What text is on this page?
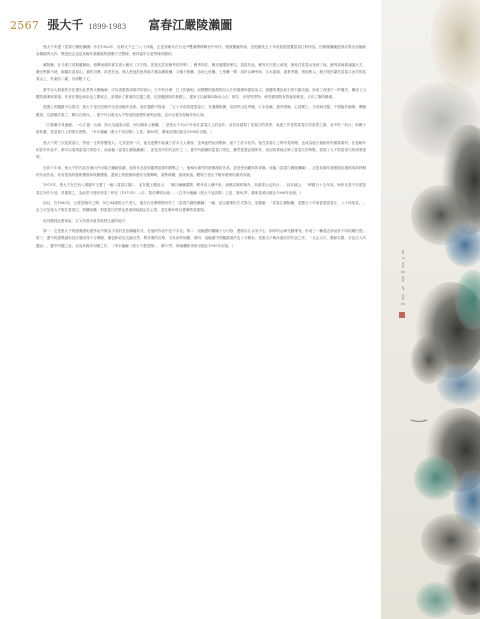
2567 張大千 1899-1983 富春江嚴陵瀨圖

張大千所畫《富春江嚴陵瀨圖》作於1982年，此時大千已三八十四歲，正是其晚年在台北外雙溪摩耶精舍中所作。根據題識所知，是他應其五十年前曾經遊覽富春江時所見。回憶嚴瀨縱遊情況寫出這幅極為精緻的大作，既是紀念也是其晚年最精湛的潑墨方式整理，使得當年江遊景像同節約。

嚴陵瀨，在今浙江省桐廬縣南，相傳東漢初著名高士嚴光（字子陵，曾是光武帝劉秀的同學）。劉秀即位，嚴光便隱姓埋名，退居於此。劉秀多次派人尋找，後來在富春山找到了他。劉秀請他做諫議大夫，嚴光堅辭不就，歸隱於富春山，耕釣自樂，終老於此。後人把他釣魚的地方稱為嚴陵瀨，又稱子陵灘，也叫七里灘。七里灘一帶，兩岸山峰夾峙，江水碧綠，風景秀麗，景致醉人。嚴子陵釣臺在富春江北岸的富春山上，有東西二臺，各高數十丈。

畫中以大寫意的手法畫出此景的大概輪廓，可以清楚看到兩岸的高山、江中的沙洲、江上的漁船。而整體的風格則以大片的潑墨和潑彩為主。潑灑的墨色和石青石綠交融，形成了深淺不一的層次，構成了山體的雄渾和厚重。作者在墨色和彩色之間留白，更增添了畫面的空靈之感。在潑墨潑彩的基礎上，畫家又以細筆勾勒出山石、樹木、房屋等景物，使得畫面既有寫意的豪放，又有工筆的精緻。

從畫上的題跋可以看出，張大千是在回憶中完成這幅作品的。他在題跋中寫道：「五十年前曾遊富春江，舟過嚴陵瀨，見兩岸山色秀麗，江水清澈，漁舟唱晚，心甚樂之。今老病目翳，不復能作細筆，偶憶舊遊，以潑墨法寫之，聊以自娛耳。」從中可以看出大千對這段遊歷的深刻記憶，也可以看出他晚年的心境。

「江靜潮平見漁艇，一山才過一山遮，釣台近處春水碧，何日歸來上嚴灘。」是張大千1927年前在富春江上的詩作。這首詩描寫了富春江的美景，表達了作者對富春江的喜愛之情。詩中的「釣台」即嚴子陵釣臺，是富春江上的著名景點。（李永翹編《張大千詩詞集》上卷，第56頁，廣東花城出版社1998年出版。）

張大千的三次遊富春江，對他一生的影響很大。尤其是第一次，他在遊覽中結識了許多文人墨客，並與他們詩詞唱和，留下了許多佳作。他在富春江上的所見所聞，也成為他日後創作的重要素材。在他晚年的許多作品中，都可以看到富春江的影子。而這幅《富春江嚴陵瀨圖》，更是其中的代表作之一。畫中所描繪的富春江景色，雖然是憑記憶所作，但卻真實地反映了富春江的特點，展現了大千對富春江的深厚感情。

近四十年來，張大千的作品在海內外市場上屢創佳績，他的作品是收藏界追捧的熱點之一。他晚年創作的潑墨潑彩作品，更是受到藏家的青睞。這幅《富春江嚴陵瀨圖》，正是其晚年潑墨潑彩風格成熟時期的代表作品，具有很高的藝術價值和收藏價值。畫面上的潑墨和潑彩交相輝映，氣勢磅礴，意境深遠，體現了張大千晚年藝術的最高成就。

1973年，張大千在巴西八德園中又畫了一幅《富春江圖》，並在題上題詩云：「曉日曈曈霧開，輕舟初入嚴中來，漁樵往歸呼幾舟，知道青山也釣台。」詩末識云：「餘舊日十五年前，與仲兄善子同遊富春江所作小詩，得復寫之，為此景不復有得見！時在（1973年）八月，寫於摩耶山館。」（注李永翹編《張大千詩詞集》上卷，第82頁，廣東花城出版社1998年出版。）

而以，在1982年，已經是晚年之際，年已84歲的大千老人，還在台北摩耶精舍作了《富春江嚴陵瀨圖》一圖，並以潑墨的方式寫出。並題識：「富春江嚴陵瀨，並題五十年前曾遊富春江，八十四叟爰。」由之可見張大千對於富春江，對嚴陵瀨，對富春江的景色是深深地銘記在心的，並在晚年時以畫筆將其重現。

再具體到此畫來說，它又有很多值得我們注意的地方：

第一：它是張大千的潑墨潑彩畫作品中較為少見的長卷橫幅形式，在他的作品中並不多見。第二：這幅畫的構圖十分巧妙，畫面以江水為中心，兩岸的山峰交錯排列，形成了一種遠近高低各不同的層次感。第三：畫中的潑墨潑彩技法運用得十分嫻熟，墨色和彩色交融自然，既有墨的沉厚，又有彩的明麗。第四：這幅畫中的題跋書法也十分精彩，是張大千晚年書法的代表之作。「名山大川，勝跡名勝，多為古人所題詠」，畫中所題之詩，亦為其晚年回憶之作。（李永翹編《張大千畫語錄》，第57頁，海南攝影美術出版社1992年出版。）
